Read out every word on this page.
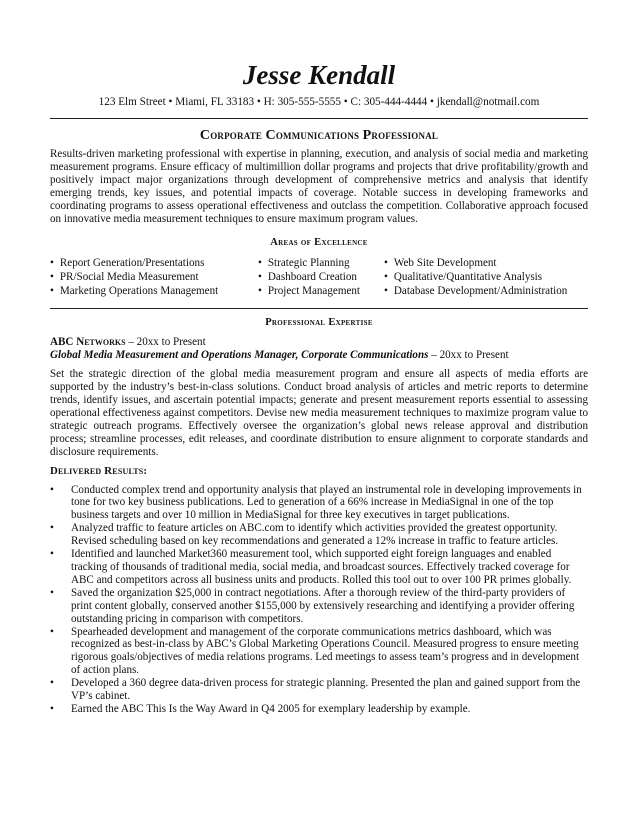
Jesse Kendall
123 Elm Street • Miami, FL 33183 • H: 305-555-5555 • C: 305-444-4444 • jkendall@notmail.com
Corporate Communications Professional
Results-driven marketing professional with expertise in planning, execution, and analysis of social media and marketing measurement programs. Ensure efficacy of multimillion dollar programs and projects that drive profitability/growth and positively impact major organizations through development of comprehensive metrics and analysis that identify emerging trends, key issues, and potential impacts of coverage. Notable success in developing frameworks and coordinating programs to assess operational effectiveness and outclass the competition. Collaborative approach focused on innovative media measurement techniques to ensure maximum program values.
Areas of Excellence
• Report Generation/Presentations
• PR/Social Media Measurement
• Marketing Operations Management
• Strategic Planning
• Dashboard Creation
• Project Management
• Web Site Development
• Qualitative/Quantitative Analysis
• Database Development/Administration
Professional Expertise
ABC Networks – 20xx to Present
Global Media Measurement and Operations Manager, Corporate Communications – 20xx to Present
Set the strategic direction of the global media measurement program and ensure all aspects of media efforts are supported by the industry’s best-in-class solutions. Conduct broad analysis of articles and metric reports to determine trends, identify issues, and ascertain potential impacts; generate and present measurement reports essential to assessing operational effectiveness against competitors. Devise new media measurement techniques to maximize program value to strategic outreach programs. Effectively oversee the organization’s global news release approval and distribution process; streamline processes, edit releases, and coordinate distribution to ensure alignment to corporate standards and disclosure requirements.
Delivered Results:
• Conducted complex trend and opportunity analysis that played an instrumental role in developing improvements in tone for two key business publications. Led to generation of a 66% increase in MediaSignal in one of the top business targets and over 10 million in MediaSignal for three key executives in target publications.
• Analyzed traffic to feature articles on ABC.com to identify which activities provided the greatest opportunity. Revised scheduling based on key recommendations and generated a 12% increase in traffic to feature articles.
• Identified and launched Market360 measurement tool, which supported eight foreign languages and enabled tracking of thousands of traditional media, social media, and broadcast sources. Effectively tracked coverage for ABC and competitors across all business units and products. Rolled this tool out to over 100 PR primes globally.
• Saved the organization $25,000 in contract negotiations. After a thorough review of the third-party providers of print content globally, conserved another $155,000 by extensively researching and identifying a provider offering outstanding pricing in comparison with competitors.
• Spearheaded development and management of the corporate communications metrics dashboard, which was recognized as best-in-class by ABC’s Global Marketing Operations Council. Measured progress to ensure meeting rigorous goals/objectives of media relations programs. Led meetings to assess team’s progress and in development of action plans.
• Developed a 360 degree data-driven process for strategic planning. Presented the plan and gained support from the VP’s cabinet.
• Earned the ABC This Is the Way Award in Q4 2005 for exemplary leadership by example.
